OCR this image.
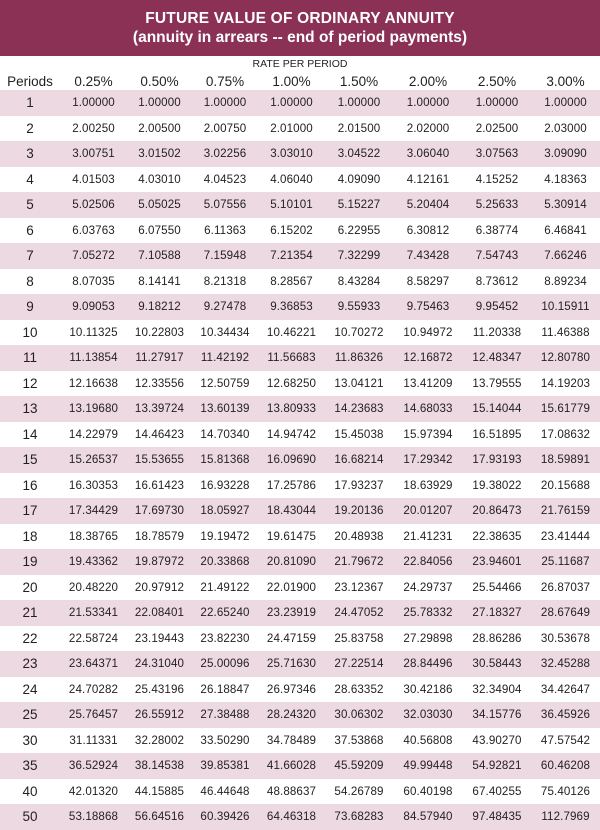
FUTURE VALUE OF ORDINARY ANNUITY
(annuity in arrears -- end of period payments)
RATE PER PERIOD
Periods	0.25%	0.50%	0.75%	1.00%	1.50%	2.00%	2.50%	3.00%
1	1.00000	1.00000	1.00000	1.00000	1.00000	1.00000	1.00000	1.00000
2	2.00250	2.00500	2.00750	2.01000	2.01500	2.02000	2.02500	2.03000
3	3.00751	3.01502	3.02256	3.03010	3.04522	3.06040	3.07563	3.09090
4	4.01503	4.03010	4.04523	4.06040	4.09090	4.12161	4.15252	4.18363
5	5.02506	5.05025	5.07556	5.10101	5.15227	5.20404	5.25633	5.30914
6	6.03763	6.07550	6.11363	6.15202	6.22955	6.30812	6.38774	6.46841
7	7.05272	7.10588	7.15948	7.21354	7.32299	7.43428	7.54743	7.66246
8	8.07035	8.14141	8.21318	8.28567	8.43284	8.58297	8.73612	8.89234
9	9.09053	9.18212	9.27478	9.36853	9.55933	9.75463	9.95452	10.15911
10	10.11325	10.22803	10.34434	10.46221	10.70272	10.94972	11.20338	11.46388
11	11.13854	11.27917	11.42192	11.56683	11.86326	12.16872	12.48347	12.80780
12	12.16638	12.33556	12.50759	12.68250	13.04121	13.41209	13.79555	14.19203
13	13.19680	13.39724	13.60139	13.80933	14.23683	14.68033	15.14044	15.61779
14	14.22979	14.46423	14.70340	14.94742	15.45038	15.97394	16.51895	17.08632
15	15.26537	15.53655	15.81368	16.09690	16.68214	17.29342	17.93193	18.59891
16	16.30353	16.61423	16.93228	17.25786	17.93237	18.63929	19.38022	20.15688
17	17.34429	17.69730	18.05927	18.43044	19.20136	20.01207	20.86473	21.76159
18	18.38765	18.78579	19.19472	19.61475	20.48938	21.41231	22.38635	23.41444
19	19.43362	19.87972	20.33868	20.81090	21.79672	22.84056	23.94601	25.11687
20	20.48220	20.97912	21.49122	22.01900	23.12367	24.29737	25.54466	26.87037
21	21.53341	22.08401	22.65240	23.23919	24.47052	25.78332	27.18327	28.67649
22	22.58724	23.19443	23.82230	24.47159	25.83758	27.29898	28.86286	30.53678
23	23.64371	24.31040	25.00096	25.71630	27.22514	28.84496	30.58443	32.45288
24	24.70282	25.43196	26.18847	26.97346	28.63352	30.42186	32.34904	34.42647
25	25.76457	26.55912	27.38488	28.24320	30.06302	32.03030	34.15776	36.45926
30	31.11331	32.28002	33.50290	34.78489	37.53868	40.56808	43.90270	47.57542
35	36.52924	38.14538	39.85381	41.66028	45.59209	49.99448	54.92821	60.46208
40	42.01320	44.15885	46.44648	48.88637	54.26789	60.40198	67.40255	75.40126
50	53.18868	56.64516	60.39426	64.46318	73.68283	84.57940	97.48435	112.7969
